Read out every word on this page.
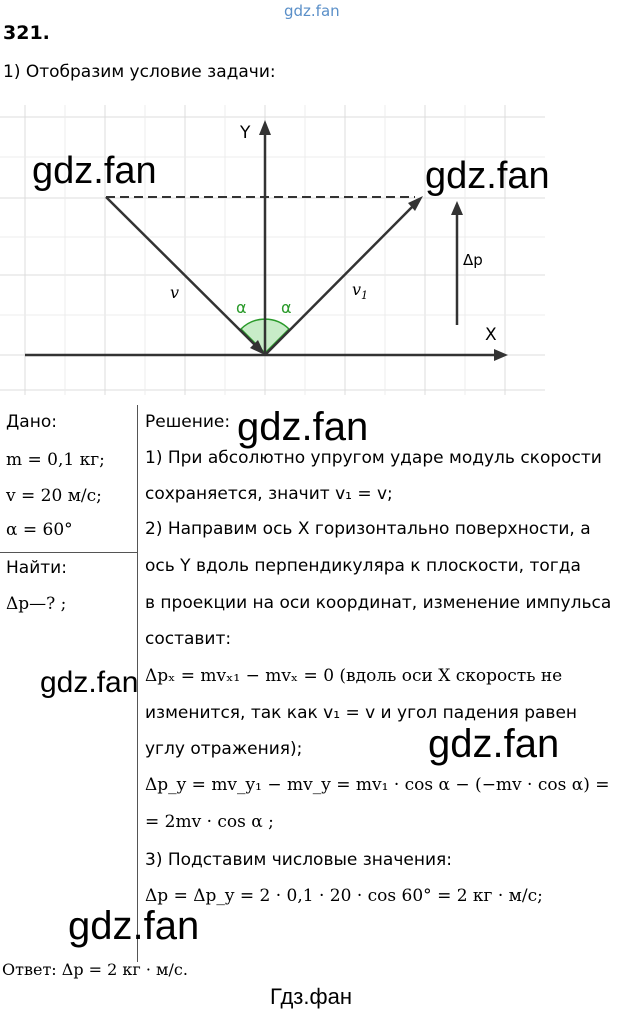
gdz.fan
321.
1) Отобразим условие задачи:
Y
X
v	$v_1$
α α
Δp
gdz.fan	gdz.fan
Дано:
m = 0,1 кг;
v = 20 м/с;
α = 60°
Найти:
Δp—? ;
Решение:
1) При абсолютно упругом ударе модуль скорости
сохраняется, значит v₁ = v;
2) Направим ось X горизонтально поверхности, а
ось Y вдоль перпендикуляра к плоскости, тогда
в проекции на оси координат, изменение импульса
составит:
Δpₓ = mvₓ₁ − mvₓ = 0 (вдоль оси X скорость не
изменится, так как v₁ = v и угол падения равен
углу отражения);
Δp_y = mv_y₁ − mv_y = mv₁ · cos α − (−mv · cos α) =
= 2mv · cos α ;
3) Подставим числовые значения:
Δp = Δp_y = 2 · 0,1 · 20 · cos 60° = 2 кг · м/с;
Ответ: Δp = 2 кг · м/с.
gdz.fan
gdz.fan
gdz.fan
gdz.fan
Гдз.фан
